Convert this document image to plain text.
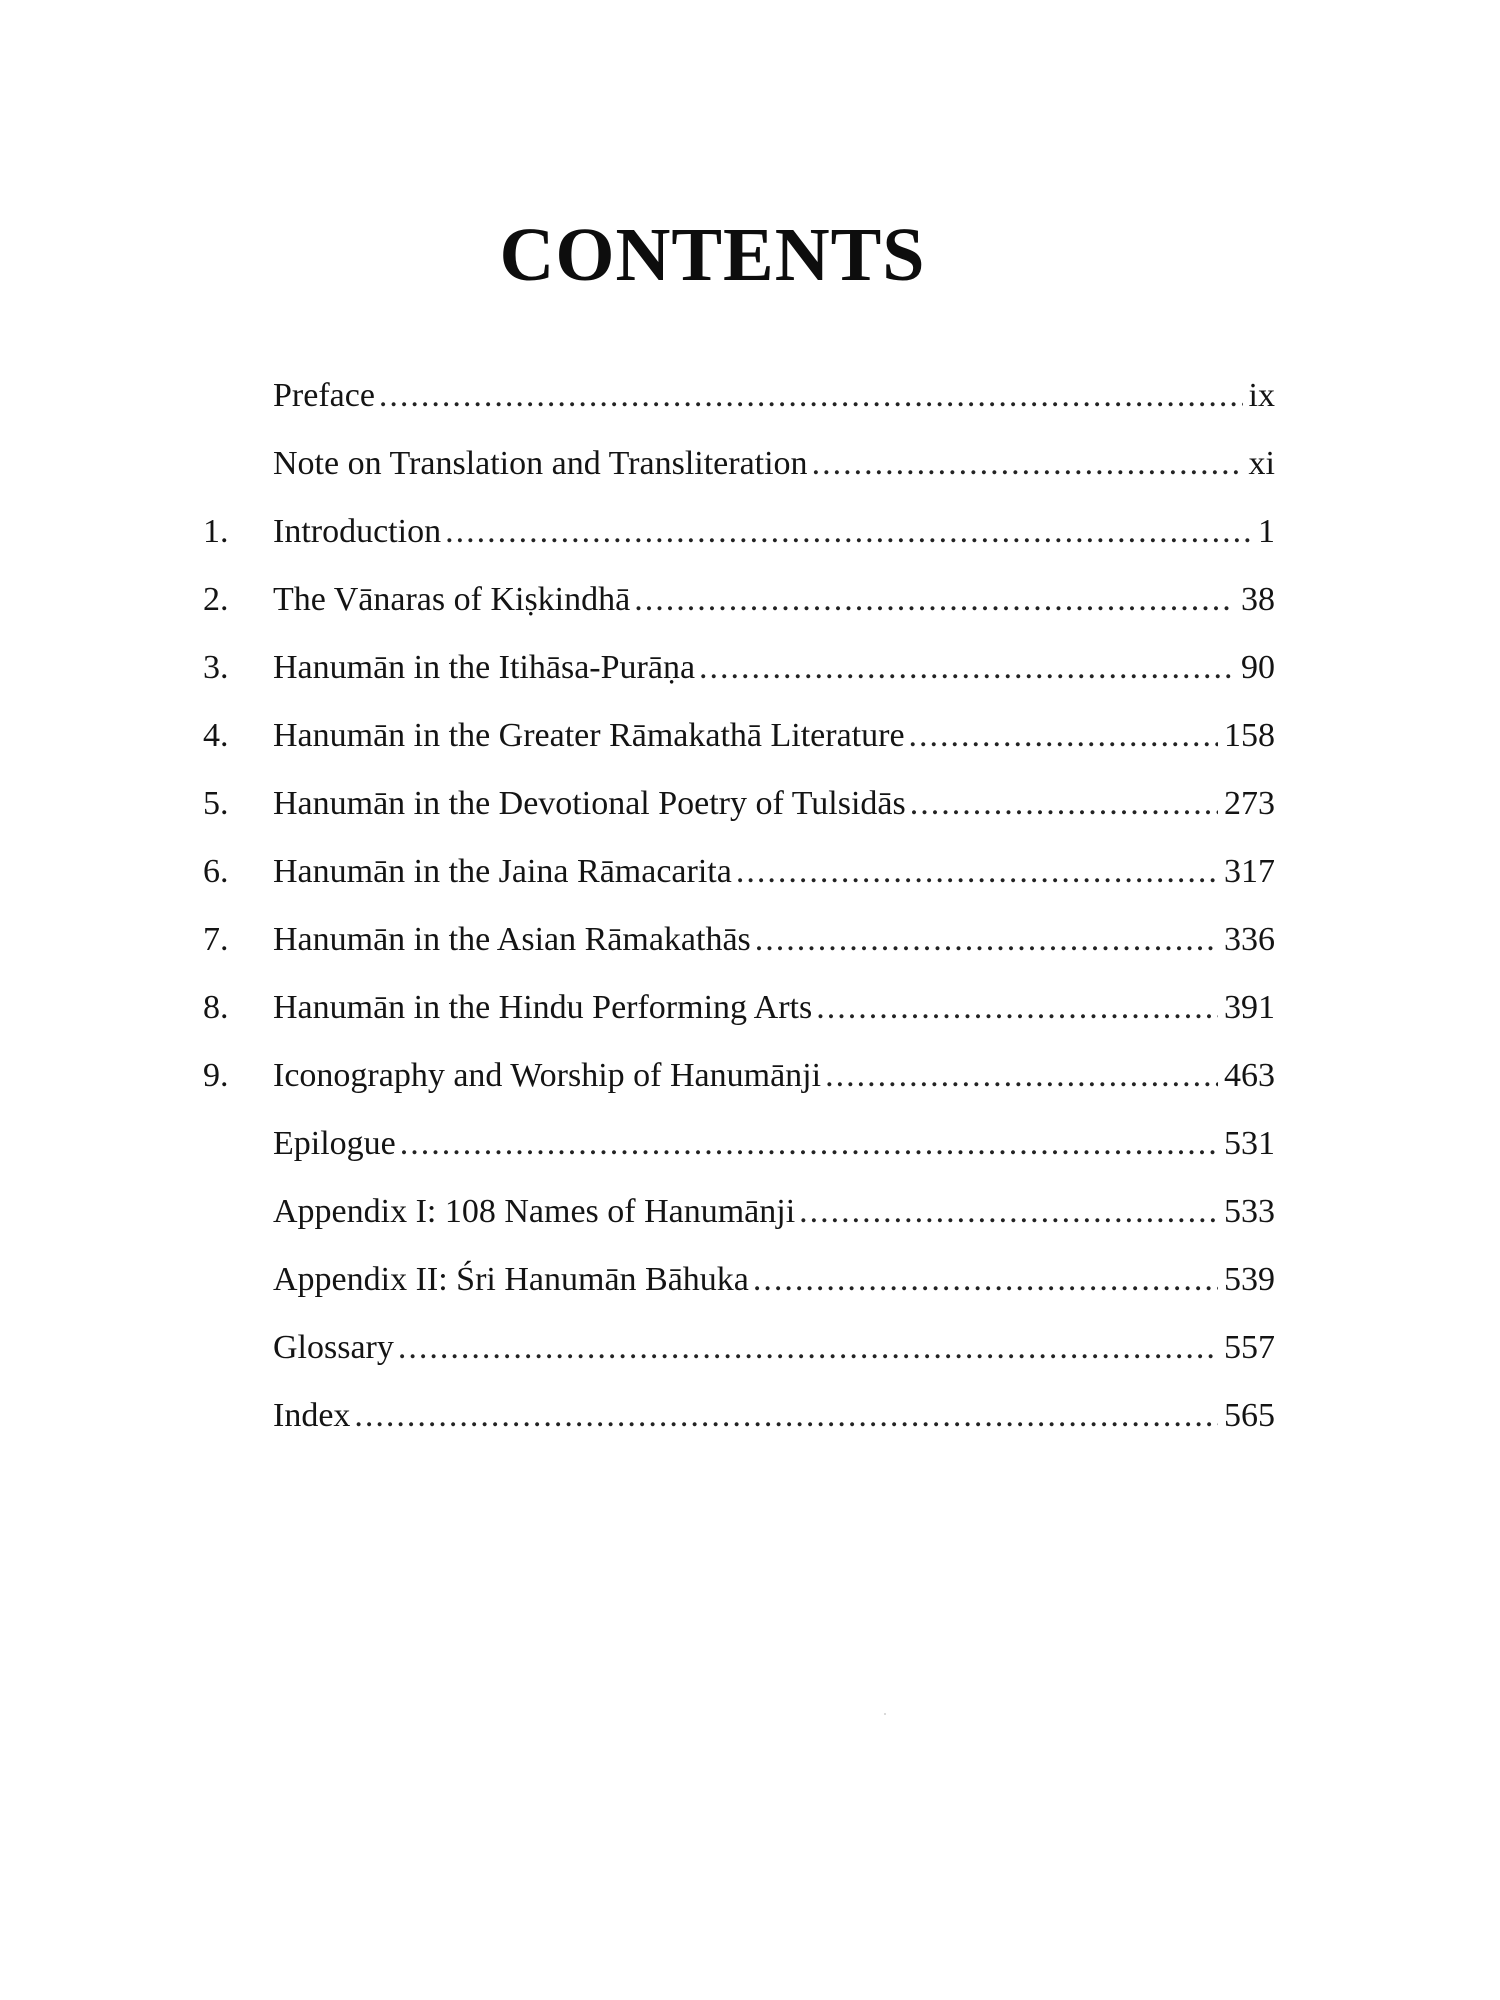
CONTENTS
Preface .....	ix
Note on Translation and Transliteration .....	xi
1.	Introduction .....	1
2.	The Vānaras of Kiṣkindhā .....	38
3.	Hanumān in the Itihāsa-Purāṇa .....	90
4.	Hanumān in the Greater Rāmakathā Literature .....	158
5.	Hanumān in the Devotional Poetry of Tulsidās .....	273
6.	Hanumān in the Jaina Rāmacarita .....	317
7.	Hanumān in the Asian Rāmakathās .....	336
8.	Hanumān in the Hindu Performing Arts .....	391
9.	Iconography and Worship of Hanumānji .....	463
Epilogue .....	531
Appendix I: 108 Names of Hanumānji .....	533
Appendix II: Śri Hanumān Bāhuka .....	539
Glossary .....	557
Index .....	565
